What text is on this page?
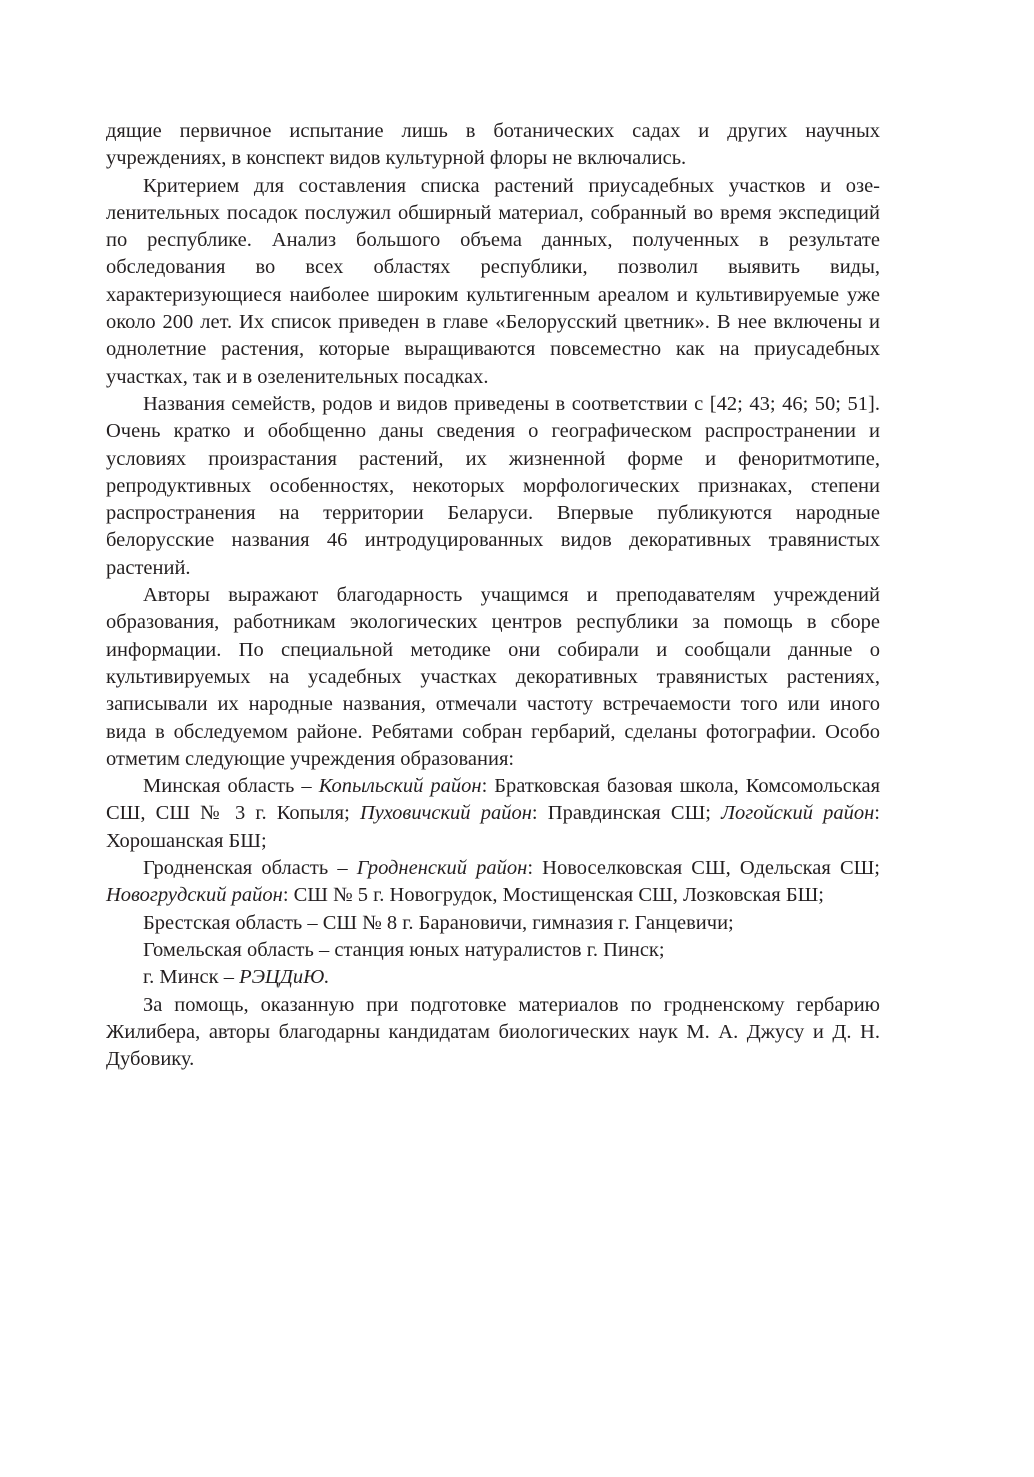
дящие первичное испытание лишь в ботанических садах и других научных учреждениях, в конспект видов культурной флоры не включались.

Критерием для составления списка растений приусадебных участков и озеленительных посадок послужил обширный материал, собранный во время экспедиций по республике. Анализ большого объема данных, полученных в результате обследования во всех областях республики, позволил выявить виды, характеризующиеся наиболее широким культигенным ареалом и культивируемые уже около 200 лет. Их список приведен в главе «Белорусский цветник». В нее включены и однолетние растения, которые выращиваются повсеместно как на приусадебных участках, так и в озеленительных посадках.

Названия семейств, родов и видов приведены в соответствии с [42; 43; 46; 50; 51]. Очень кратко и обобщенно даны сведения о географическом распространении и условиях произрастания растений, их жизненной форме и феноритмотипе, репродуктивных особенностях, некоторых морфологических признаках, степени распространения на территории Беларуси. Впервые публикуются народные белорусские названия 46 интродуцированных видов декоративных травянистых растений.

Авторы выражают благодарность учащимся и преподавателям учреждений образования, работникам экологических центров республики за помощь в сборе информации. По специальной методике они собирали и сообщали данные о культивируемых на усадебных участках декоративных травянистых растениях, записывали их народные названия, отмечали частоту встречаемости того или иного вида в обследуемом районе. Ребятами собран гербарий, сделаны фотографии. Особо отметим следующие учреждения образования:

Минская область – Копыльский район: Братковская базовая школа, Комсомольская СШ, СШ № 3 г. Копыля; Пуховичский район: Правдинская СШ; Логойский район: Хорошанская БШ;

Гродненская область – Гродненский район: Новоселковская СШ, Одельская СШ; Новогрудский район: СШ № 5 г. Новогрудок, Мостищенская СШ, Лозковская БШ;

Брестская область – СШ № 8 г. Барановичи, гимназия г. Ганцевичи;

Гомельская область – станция юных натуралистов г. Пинск;

г. Минск – РЭЦДиЮ.

За помощь, оказанную при подготовке материалов по гродненскому гербарию Жилибера, авторы благодарны кандидатам биологических наук М. А. Джусу и Д. Н. Дубовику.
